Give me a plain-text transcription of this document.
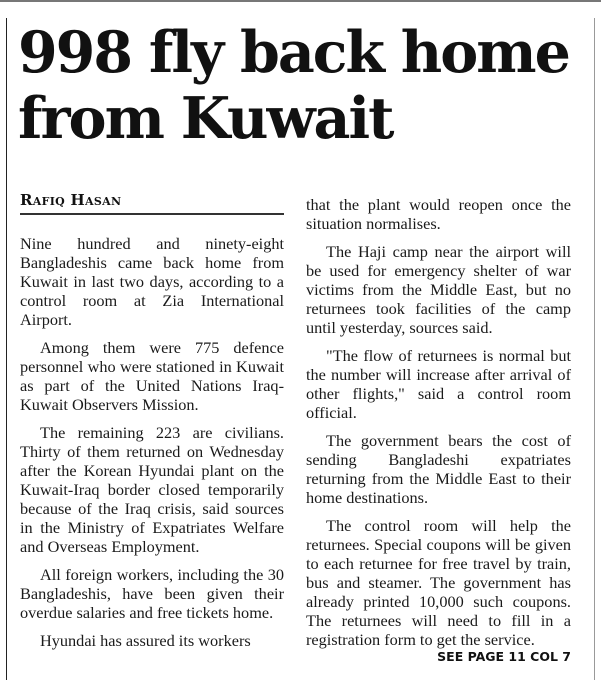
998 fly back home from Kuwait
Rafiq Hasan

Nine hundred and ninety-eight Bangladeshis came back home from Kuwait in last two days, according to a control room at Zia International Airport.

Among them were 775 defence personnel who were stationed in Kuwait as part of the United Nations Iraq-Kuwait Observers Mission.

The remaining 223 are civilians. Thirty of them returned on Wednesday after the Korean Hyundai plant on the Kuwait-Iraq border closed temporarily because of the Iraq crisis, said sources in the Ministry of Expatriates Welfare and Overseas Employment.

All foreign workers, including the 30 Bangladeshis, have been given their overdue salaries and free tickets home.

Hyundai has assured its workers

that the plant would reopen once the situation normalises.

The Haji camp near the airport will be used for emergency shelter of war victims from the Middle East, but no returnees took facilities of the camp until yesterday, sources said.

"The flow of returnees is normal but the number will increase after arrival of other flights," said a control room official.

The government bears the cost of sending Bangladeshi expatriates returning from the Middle East to their home destinations.

The control room will help the returnees. Special coupons will be given to each returnee for free travel by train, bus and steamer. The government has already printed 10,000 such coupons. The returnees will need to fill in a registration form to get the service.

SEE PAGE 11 COL 7
